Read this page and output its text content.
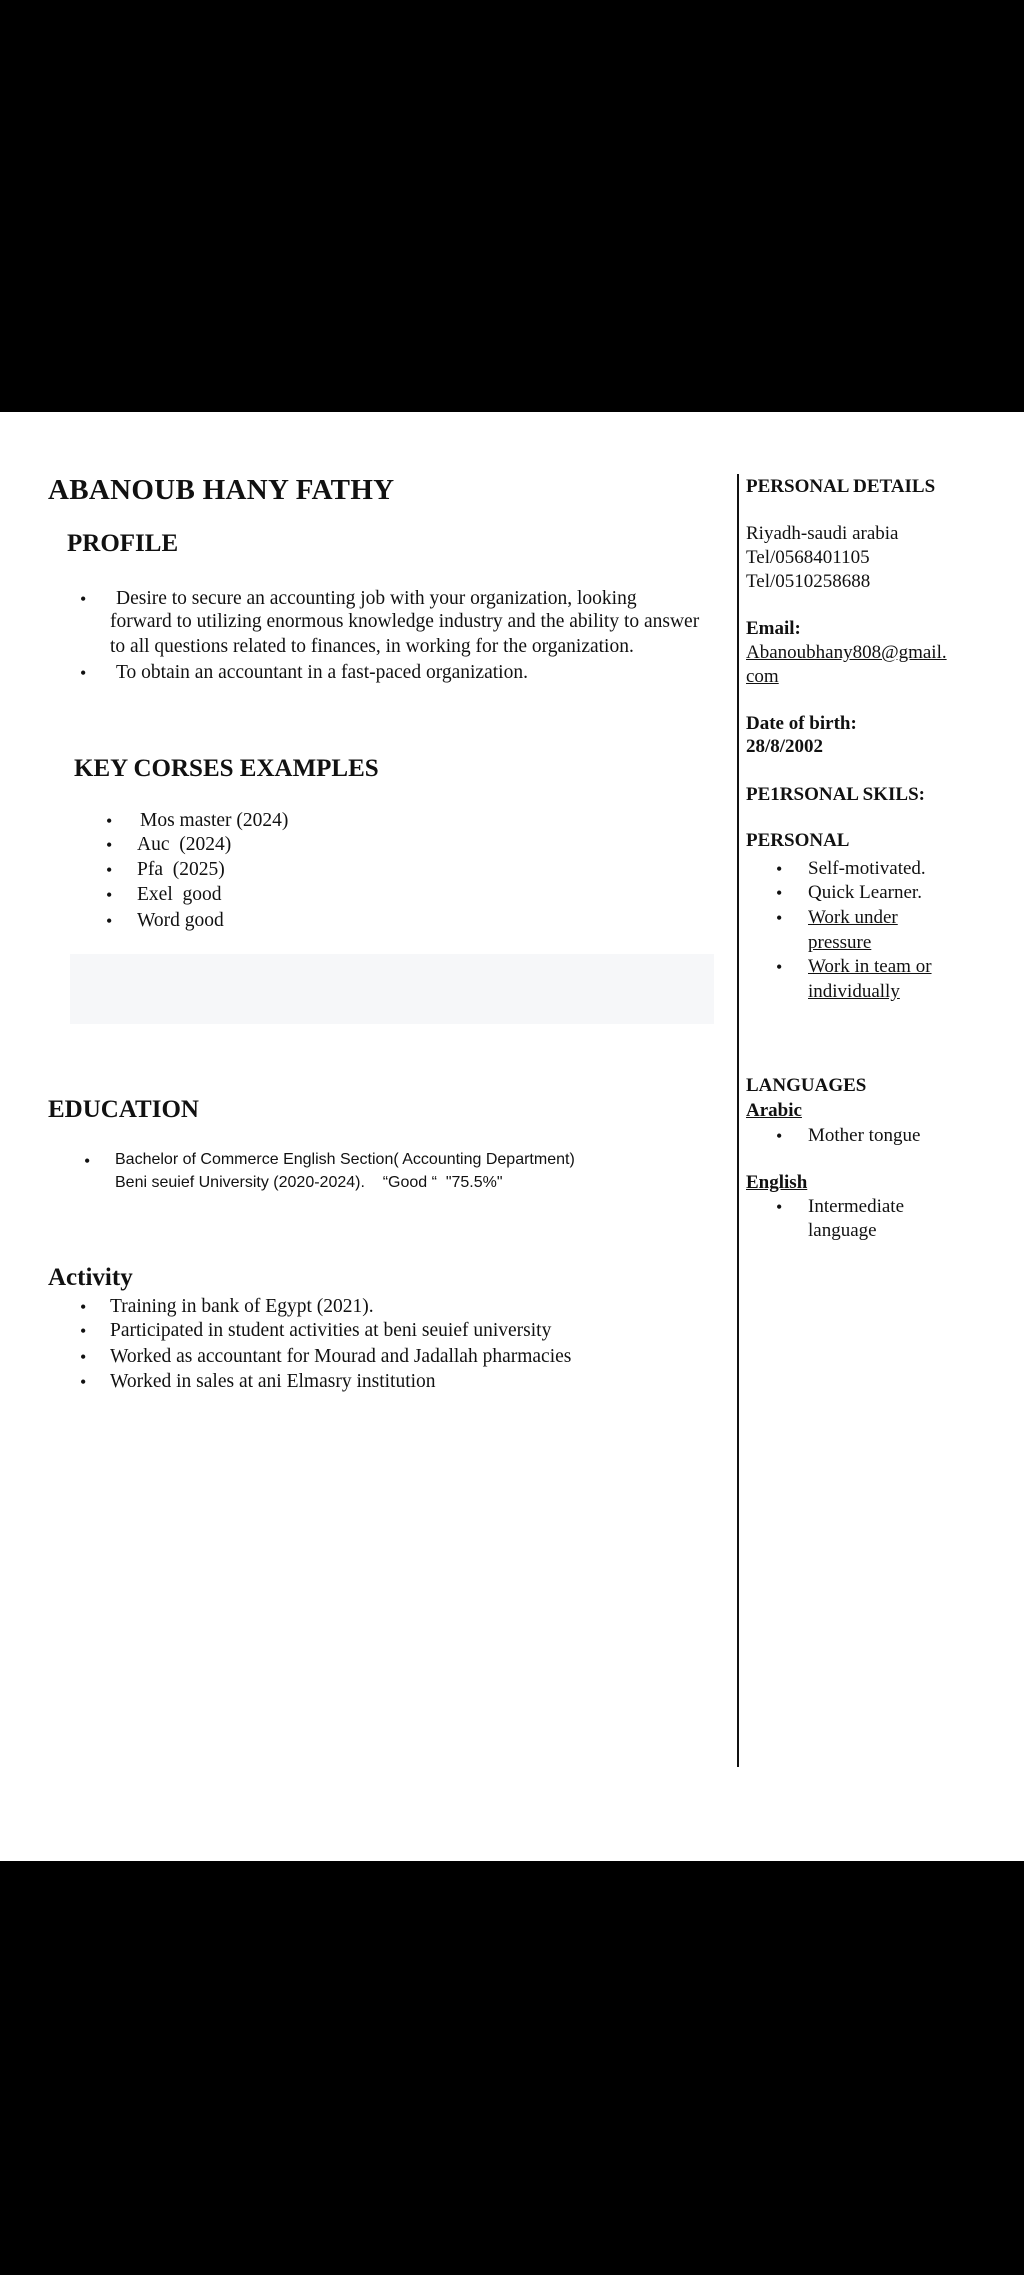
ABANOUB HANY FATHY
PROFILE
• Desire to secure an accounting job with your organization, looking
forward to utilizing enormous knowledge industry and the ability to answer
to all questions related to finances, in working for the organization.
• To obtain an accountant in a fast-paced organization.
KEY CORSES EXAMPLES
• Mos master (2024)
• Auc  (2024)
• Pfa  (2025)
• Exel  good
• Word good
EDUCATION
• Bachelor of Commerce English Section( Accounting Department)
Beni seuief University (2020-2024).    “Good “  "75.5%"
Activity
• Training in bank of Egypt (2021).
• Participated in student activities at beni seuief university
• Worked as accountant for Mourad and Jadallah pharmacies
• Worked in sales at ani Elmasry institution
PERSONAL DETAILS
Riyadh-saudi arabia
Tel/0568401105
Tel/0510258688
Email:
Abanoubhany808@gmail.
com
Date of birth:
28/8/2002
PE1RSONAL SKILS:
PERSONAL
• Self-motivated.
• Quick Learner.
• Work under
pressure
• Work in team or
individually
LANGUAGES
Arabic
• Mother tongue
English
• Intermediate
language
